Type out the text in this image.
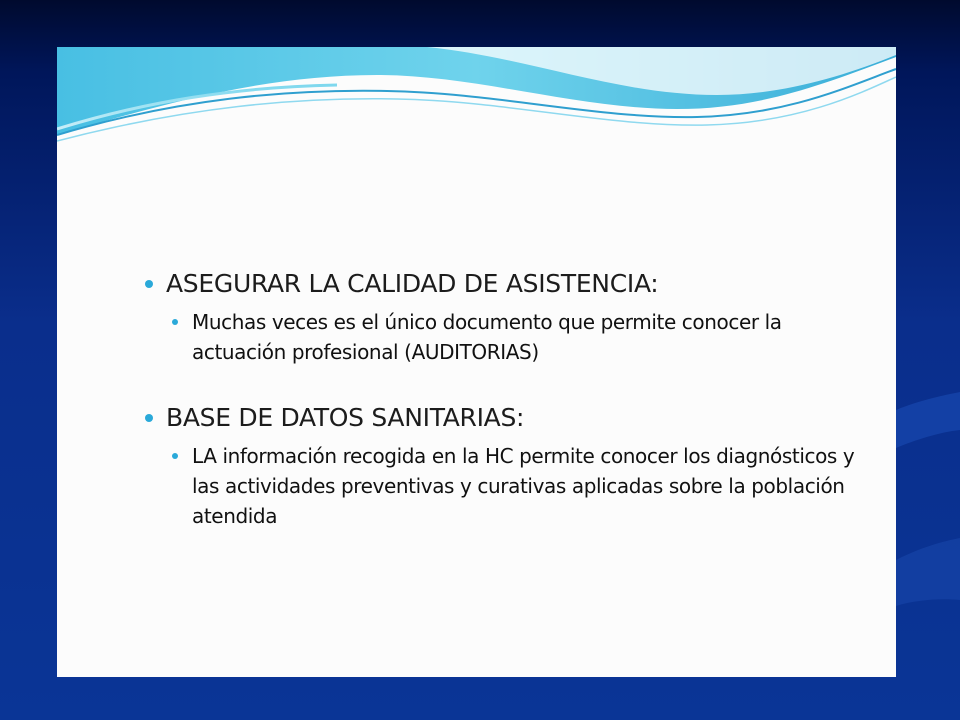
ASEGURAR LA CALIDAD DE ASISTENCIA:
Muchas veces es el único documento que permite conocer la actuación profesional (AUDITORIAS)
BASE DE DATOS SANITARIAS:
LA información recogida en la HC permite conocer los diagnósticos y las actividades preventivas y curativas aplicadas sobre la población atendida
